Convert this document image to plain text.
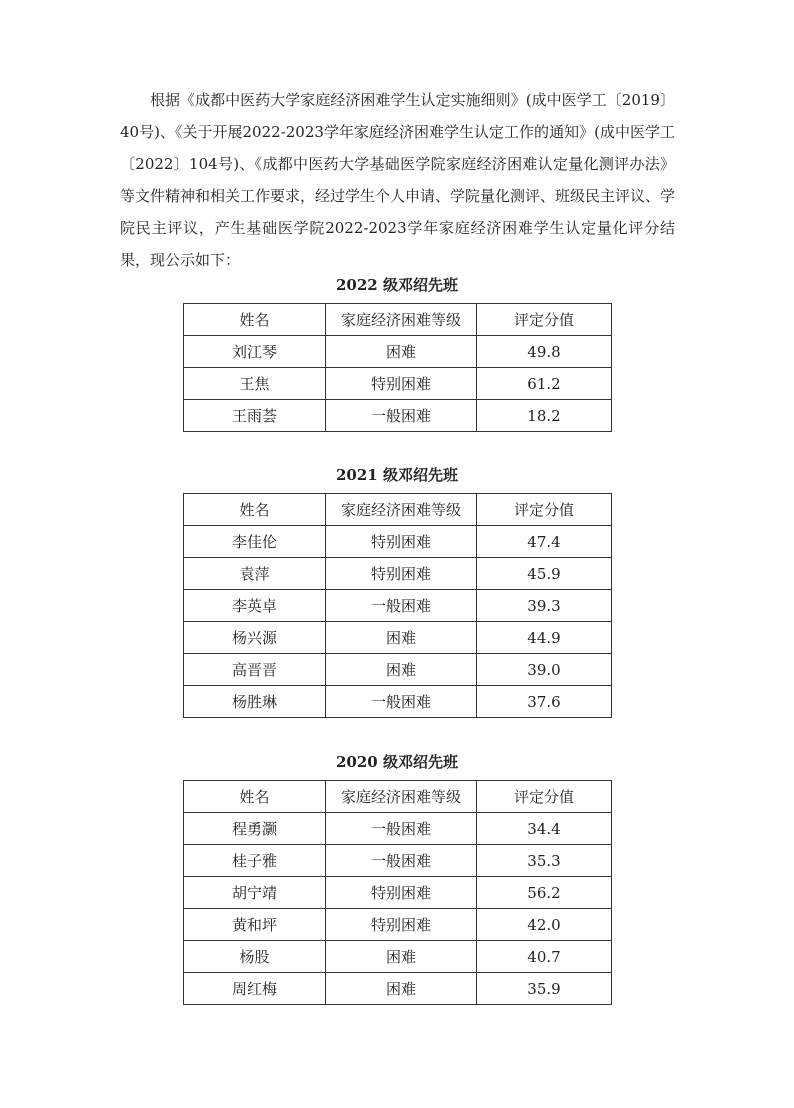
根据《成都中医药大学家庭经济困难学生认定实施细则》(成中医学工〔2019〕40号)、《关于开展2022-2023学年家庭经济困难学生认定工作的通知》(成中医学工〔2022〕104号)、《成都中医药大学基础医学院家庭经济困难认定量化测评办法》等文件精神和相关工作要求，经过学生个人申请、学院量化测评、班级民主评议、学院民主评议，产生基础医学院2022-2023学年家庭经济困难学生认定量化评分结果，现公示如下：

2022 级邓绍先班
姓名	家庭经济困难等级	评定分值
刘江琴	困难	49.8
王焦	特别困难	61.2
王雨荟	一般困难	18.2
2021 级邓绍先班
姓名	家庭经济困难等级	评定分值
李佳伦	特别困难	47.4
袁萍	特别困难	45.9
李英卓	一般困难	39.3
杨兴源	困难	44.9
高晋晋	困难	39.0
杨胜琳	一般困难	37.6
2020 级邓绍先班
姓名	家庭经济困难等级	评定分值
程勇灏	一般困难	34.4
桂子雅	一般困难	35.3
胡宁靖	特别困难	56.2
黄和坪	特别困难	42.0
杨股	困难	40.7
周红梅	困难	35.9
